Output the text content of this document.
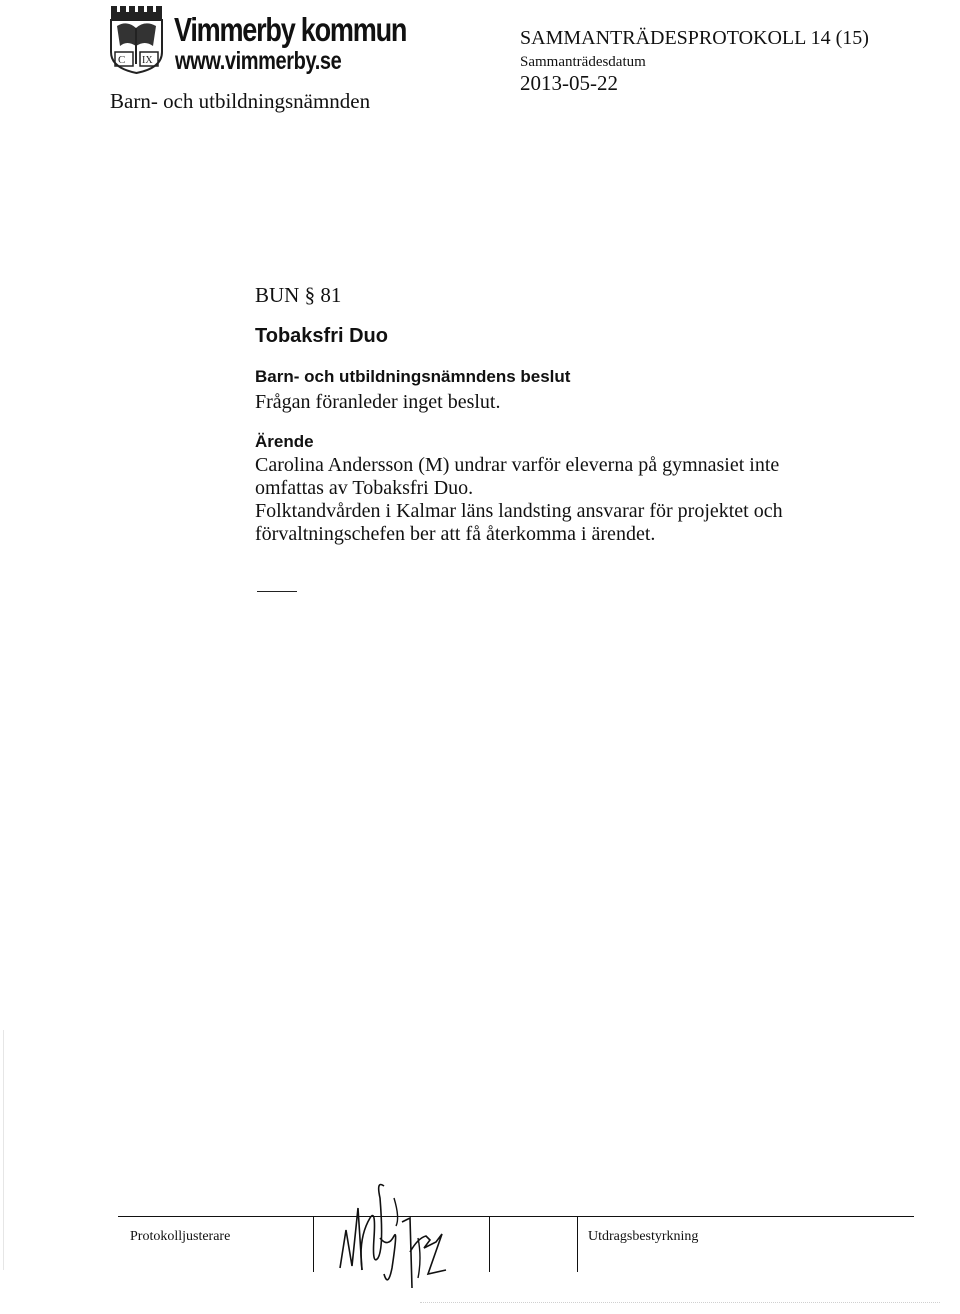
C IX
Vimmerby kommun
www.vimmerby.se
Barn- och utbildningsnämnden
SAMMANTRÄDESPROTOKOLL 14 (15)
Sammanträdesdatum
2013-05-22
BUN § 81
Tobaksfri Duo
Barn- och utbildningsnämndens beslut
Frågan föranleder inget beslut.
Ärende

Carolina Andersson (M) undrar varför eleverna på gymnasiet inte omfattas av Tobaksfri Duo.

Folktandvården i Kalmar läns landsting ansvarar för projektet och förvaltningschefen ber att få återkomma i ärendet.

Protokolljusterare	Utdragsbestyrkning
